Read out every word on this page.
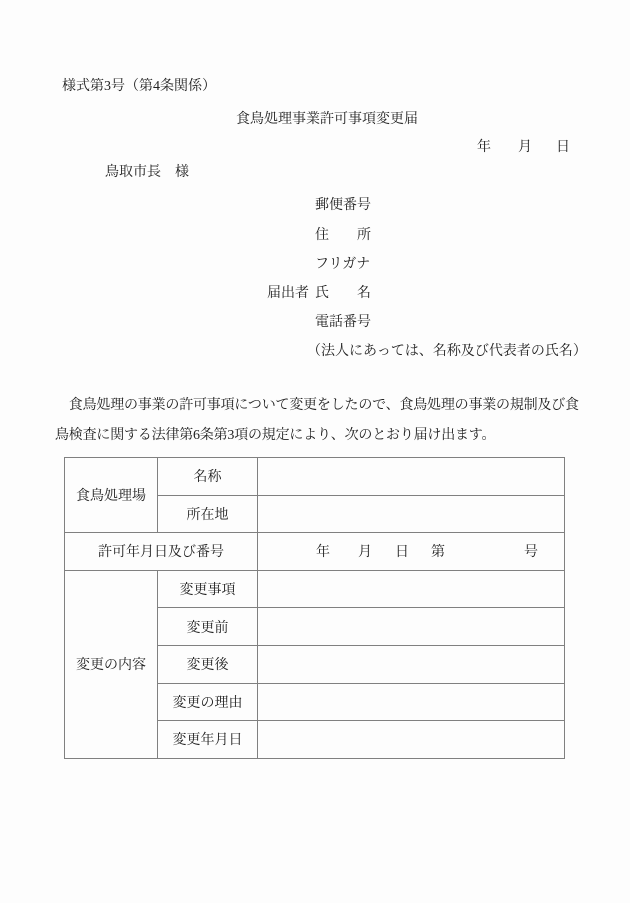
様式第3号（第4条関係）
食鳥処理事業許可事項変更届
年 月 日
鳥取市長　様
郵便番号
住　　所
フリガナ
届出者 氏　　名
電話番号
（法人にあっては、名称及び代表者の氏名）
　食鳥処理の事業の許可事項について変更をしたので、食鳥処理の事業の規制及び食
鳥検査に関する法律第6条第3項の規定により、次のとおり届け出ます。
食鳥処理場	名称	
	所在地	
許可年月日及び番号		年 月 日 第 号

変更の内容	変更事項	
	変更前	
	変更後	
	変更の理由	
	変更年月日	
